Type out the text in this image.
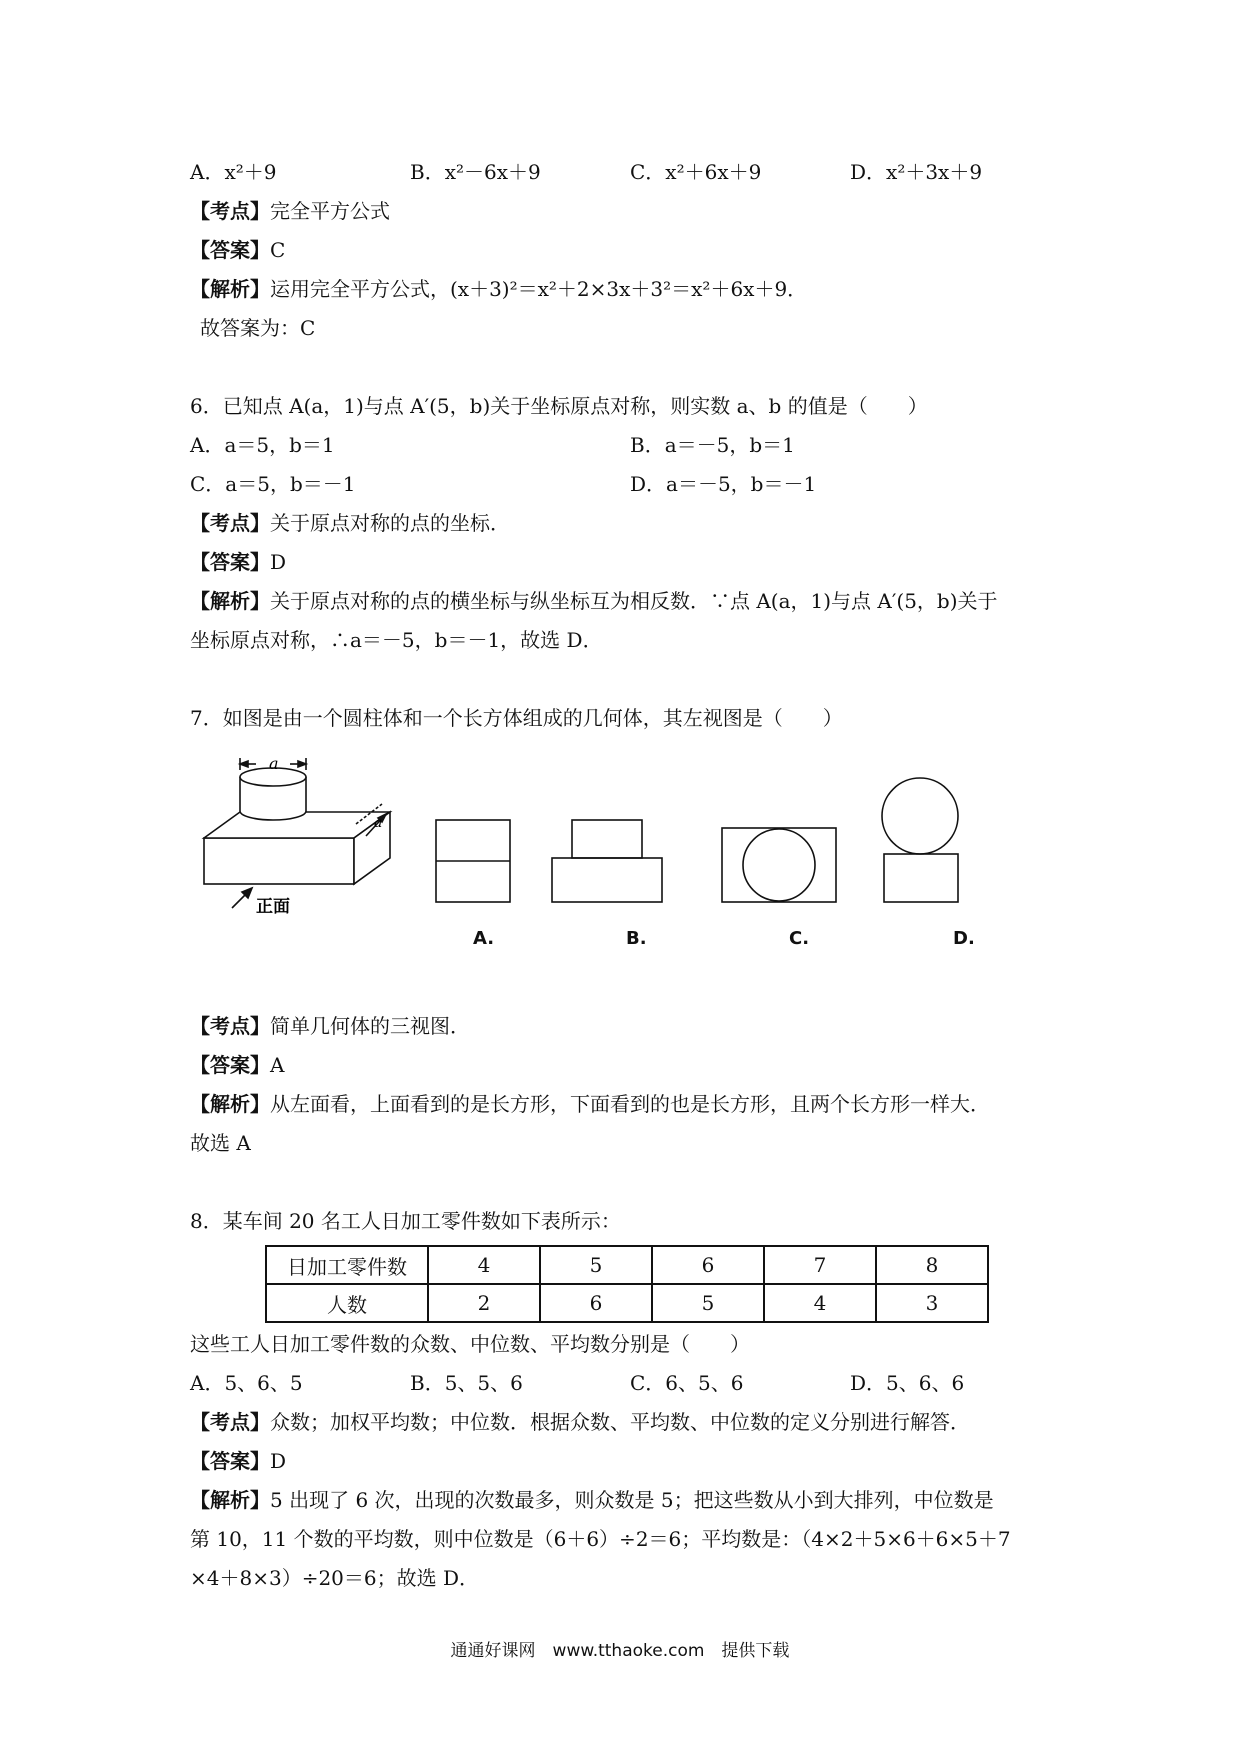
A．x²＋9	B．x²－6x＋9	C．x²＋6x＋9	D．x²＋3x＋9
【考点】完全平方公式
【答案】C
【解析】运用完全平方公式，(x＋3)²＝x²＋2×3x＋3²＝x²＋6x＋9．
故答案为：C
6．已知点 A(a，1)与点 A′(5，b)关于坐标原点对称，则实数 a、b 的值是（　　）
A．a＝5，b＝1	B．a＝－5，b＝1
C．a＝5，b＝－1	D．a＝－5，b＝－1
【考点】关于原点对称的点的坐标．
【答案】D
【解析】关于原点对称的点的横坐标与纵坐标互为相反数．∵点 A(a，1)与点 A′(5，b)关于
坐标原点对称，∴a＝－5，b＝－1，故选 D．
7．如图是由一个圆柱体和一个长方体组成的几何体，其左视图是（　　）
a
a
正面
A.	B.	C.	D.
【考点】简单几何体的三视图．
【答案】A
【解析】从左面看，上面看到的是长方形，下面看到的也是长方形，且两个长方形一样大．
故选 A
8．某车间 20 名工人日加工零件数如下表所示：
日加工零件数	4	5	6	7	8
人数	2	6	5	4	3
这些工人日加工零件数的众数、中位数、平均数分别是（　　）
A．5、6、5	B．5、5、6	C．6、5、6	D．5、6、6
【考点】众数；加权平均数；中位数．根据众数、平均数、中位数的定义分别进行解答．
【答案】D
【解析】5 出现了 6 次，出现的次数最多，则众数是 5；把这些数从小到大排列，中位数是
第 10，11 个数的平均数，则中位数是（6＋6）÷2＝6；平均数是：（4×2＋5×6＋6×5＋7
×4＋8×3）÷20＝6；故选 D．
通通好课网　www.tthaoke.com　提供下载
